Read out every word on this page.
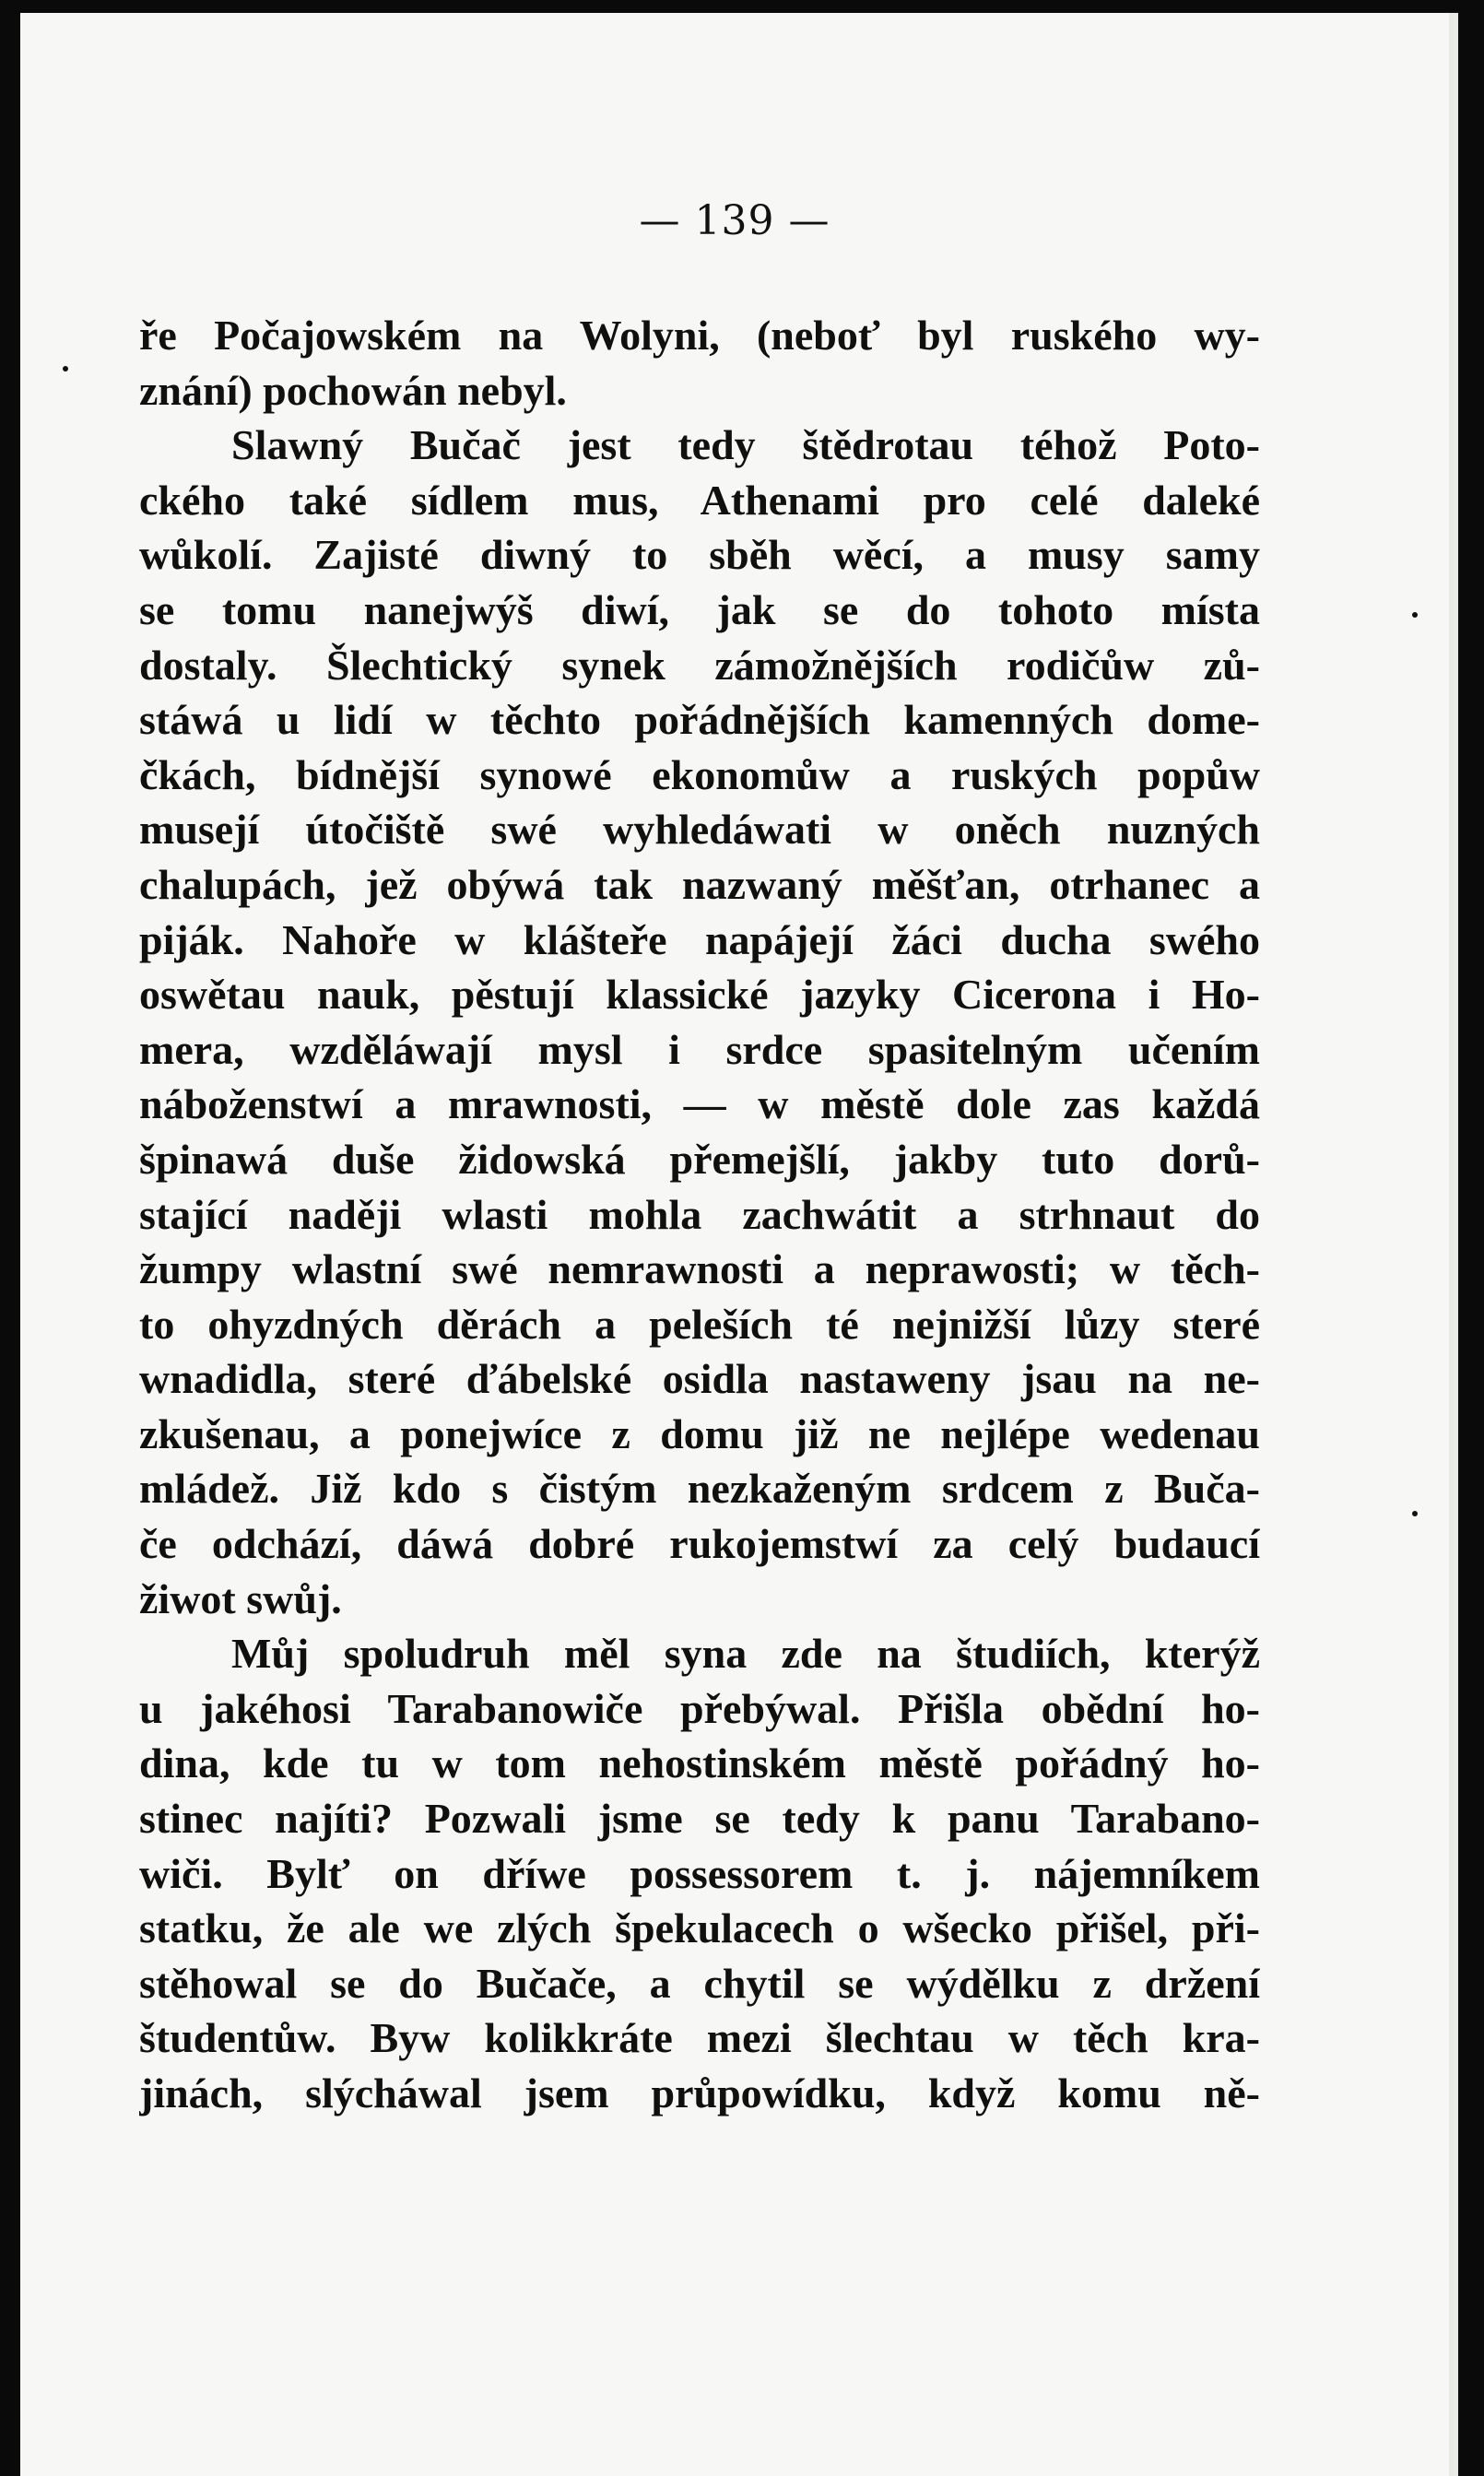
— 139 —
ře Počajowském na Wolyni, (neboť byl ruského wy-
znání) pochowán nebyl.
Slawný Bučač jest tedy štědrotau téhož Poto-
ckého také sídlem mus, Athenami pro celé daleké
wůkolí. Zajisté diwný to sběh wěcí, a musy samy
se tomu nanejwýš diwí, jak se do tohoto místa
dostaly. Šlechtický synek zámožnějších rodičůw zů-
stáwá u lidí w těchto pořádnějších kamenných dome-
čkách, bídnější synowé ekonomůw a ruských popůw
musejí útočiště swé wyhledáwati w oněch nuzných
chalupách, jež obýwá tak nazwaný měšťan, otrhanec a
piják. Nahoře w klášteře napájejí žáci ducha swého
oswětau nauk, pěstují klassické jazyky Cicerona i Ho-
mera, wzděláwají mysl i srdce spasitelným učením
náboženstwí a mrawnosti, — w městě dole zas každá
špinawá duše židowská přemejšlí, jakby tuto dorů-
stající naději wlasti mohla zachwátit a strhnaut do
žumpy wlastní swé nemrawnosti a neprawosti; w těch-
to ohyzdných děrách a peleších té nejnižší lůzy steré
wnadidla, steré ďábelské osidla nastaweny jsau na ne-
zkušenau, a ponejwíce z domu již ne nejlépe wedenau
mládež. Již kdo s čistým nezkaženým srdcem z Buča-
če odchází, dáwá dobré rukojemstwí za celý budaucí
žiwot swůj.
Můj spoludruh měl syna zde na študiích, kterýž
u jakéhosi Tarabanowiče přebýwal. Přišla obědní ho-
dina, kde tu w tom nehostinském městě pořádný ho-
stinec najíti? Pozwali jsme se tedy k panu Tarabano-
wiči. Bylť on dříwe possessorem t. j. nájemníkem
statku, že ale we zlých špekulacech o wšecko přišel, při-
stěhowal se do Bučače, a chytil se wýdělku z držení
študentůw. Byw kolikkráte mezi šlechtau w těch kra-
jinách, slýcháwal jsem průpowídku, když komu ně-
